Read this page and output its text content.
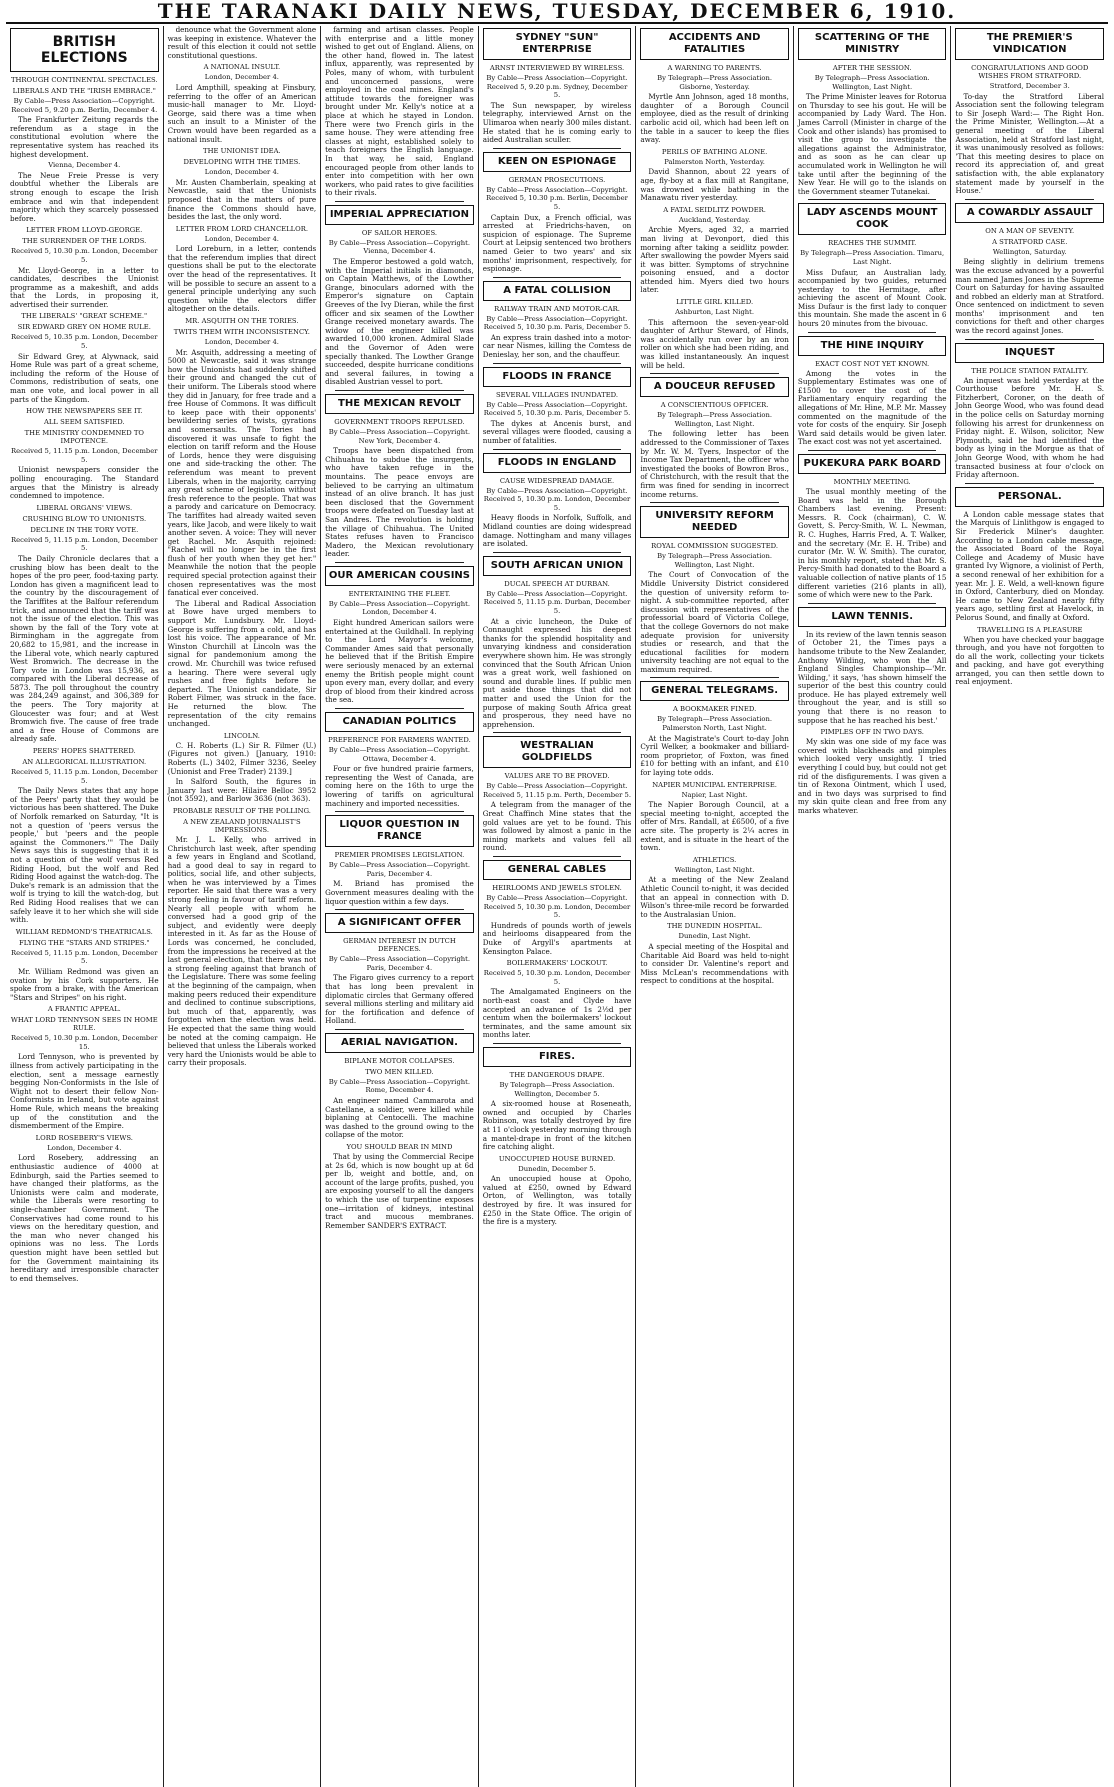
THE TARANAKI DAILY NEWS, TUESDAY, DECEMBER 6, 1910.
BRITISH ELECTIONS
THROUGH CONTINENTAL SPECTACLES.
LIBERALS AND THE "IRISH EMBRACE."
By Cable—Press Association—Copyright. Received 5, 9.20 p.m. Berlin, December 4.

The Frankfurter Zeitung regards the referendum as a stage in the constitutional evolution where the representative system has reached its highest development.

Vienna, December 4.

The Neue Freie Presse is very doubtful whether the Liberals are strong enough to escape the Irish embrace and win that independent majority which they scarcely possessed before.

LETTER FROM LLOYD-GEORGE.
THE SURRENDER OF THE LORDS.
Received 5, 10.30 p.m. London, December 5.

Mr. Lloyd-George, in a letter to candidates, describes the Unionist programme as a makeshift, and adds that the Lords, in proposing it, advertised their surrender.

THE LIBERALS' "GREAT SCHEME."
SIR EDWARD GREY ON HOME RULE.
Received 5, 10.35 p.m. London, December 5.

Sir Edward Grey, at Alywnack, said Home Rule was part of a great scheme, including the reform of the House of Commons, redistribution of seats, one man one vote, and local power in all parts of the Kingdom.

HOW THE NEWSPAPERS SEE IT.
ALL SEEM SATISFIED.
THE MINISTRY CONDEMNED TO IMPOTENCE.
Received 5, 11.15 p.m. London, December 5.

Unionist newspapers consider the polling encouraging. The Standard argues that the Ministry is already condemned to impotence.

LIBERAL ORGANS' VIEWS.
CRUSHING BLOW TO UNIONISTS.
DECLINE IN THE TORY VOTE.
Received 5, 11.15 p.m. London, December 5.

The Daily Chronicle declares that a crushing blow has been dealt to the hopes of the pro peer, food-taxing party. London has given a magnificent lead to the country by the discouragement of the Tariffites at the Balfour referendum trick, and announced that the tariff was not the issue of the election. This was shown by the fall of the Tory vote at Birmingham in the aggregate from 20,682 to 15,981, and the increase in the Liberal vote, which nearly captured West Bromwich. The decrease in the Tory vote in London was 15,936, as compared with the Liberal decrease of 5873. The poll throughout the country was 284,249 against, and 306,389 for the peers. The Tory majority at Gloucester was four; and at West Bromwich five. The cause of free trade and a free House of Commons are already safe.

PEERS' HOPES SHATTERED.
AN ALLEGORICAL ILLUSTRATION.
Received 5, 11.15 p.m. London, December 5.

The Daily News states that any hope of the Peers' party that they would be victorious has been shattered. The Duke of Norfolk remarked on Saturday, "It is not a question of 'peers versus the people,' but 'peers and the people against the Commoners.'" The Daily News says this is suggesting that it is not a question of the wolf versus Red Riding Hood, but the wolf and Red Riding Hood against the watch-dog. The Duke's remark is an admission that the wolf is trying to kill the watch-dog, but Red Riding Hood realises that we can safely leave it to her which she will side with.

WILLIAM REDMOND'S THEATRICALS.
FLYING THE "STARS AND STRIPES."
Received 5, 11.15 p.m. London, December 5.

Mr. William Redmond was given an ovation by his Cork supporters. He spoke from a brake, with the American "Stars and Stripes" on his right.

A FRANTIC APPEAL.
WHAT LORD TENNYSON SEES IN HOME RULE.
Received 5, 10.30 p.m. London, December 15.

Lord Tennyson, who is prevented by illness from actively participating in the election, sent a message earnestly begging Non-Conformists in the Isle of Wight not to desert their fellow Non-Conformists in Ireland, but vote against Home Rule, which means the breaking up of the constitution and the dismemberment of the Empire.

LORD ROSEBERY'S VIEWS.
London, December 4.

Lord Rosebery, addressing an enthusiastic audience of 4000 at Edinburgh, said the Parties seemed to have changed their platforms, as the Unionists were calm and moderate, while the Liberals were resorting to single-chamber Government. The Conservatives had come round to his views on the hereditary question, and the man who never changed his opinions was no less. The Lords question might have been settled but for the Government maintaining its hereditary and irresponsible character to end themselves.

denounce what the Government alone was keeping in existence. Whatever the result of this election it could not settle constitutional questions.

A NATIONAL INSULT.
London, December 4.

Lord Ampthill, speaking at Finsbury, referring to the offer of an American music-hall manager to Mr. Lloyd-George, said there was a time when such an insult to a Minister of the Crown would have been regarded as a national insult.

THE UNIONIST IDEA.
DEVELOPING WITH THE TIMES.
London, December 4.

Mr. Austen Chamberlain, speaking at Newcastle, said that the Unionists proposed that in the matters of pure finance the Commons should have, besides the last, the only word.

LETTER FROM LORD CHANCELLOR.
London, December 4.

Lord Loreburn, in a letter, contends that the referendum implies that direct questions shall be put to the electorate over the head of the representatives. It will be possible to secure an assent to a general principle underlying any such question while the electors differ altogether on the details.

MR. ASQUITH ON THE TORIES.
TWITS THEM WITH INCONSISTENCY.
London, December 4.

Mr. Asquith, addressing a meeting of 5000 at Newcastle, said it was strange how the Unionists had suddenly shifted their ground and changed the cut of their uniform. The Liberals stood where they did in January, for free trade and a free House of Commons. It was difficult to keep pace with their opponents' bewildering series of twists, gyrations and somersaults. The Tories had discovered it was unsafe to fight the election on tariff reform and the House of Lords, hence they were disguising one and side-tracking the other. The referendum was meant to prevent Liberals, when in the majority, carrying any great scheme of legislation without fresh reference to the people. That was a parody and caricature on Democracy. The tariffites had already waited seven years, like Jacob, and were likely to wait another seven. A voice: They will never get Rachel. Mr. Asquith rejoined: "Rachel will no longer be in the first flush of her youth when they get her." Meanwhile the notion that the people required special protection against their chosen representatives was the most fanatical ever conceived.

The Liberal and Radical Association at Bowe have urged members to support Mr. Lundsbury. Mr. Lloyd-George is suffering from a cold, and has lost his voice. The appearance of Mr. Winston Churchill at Lincoln was the signal for pandemonium among the crowd. Mr. Churchill was twice refused a hearing. There were several ugly rushes and free fights before he departed. The Unionist candidate, Sir Robert Filmer, was struck in the face. He returned the blow. The representation of the city remains unchanged.

LINCOLN.

C. H. Roberts (L.) Sir R. Filmer (U.) (Figures not given.) [January, 1910: Roberts (L.) 3402, Filmer 3236, Seeley (Unionist and Free Trader) 2139.]

In Salford South, the figures in January last were: Hilaire Belloc 3952 (not 3592), and Barlow 3636 (not 363).

PROBABLE RESULT OF THE POLLING.
A NEW ZEALAND JOURNALIST'S IMPRESSIONS.

Mr. J. L. Kelly, who arrived in Christchurch last week, after spending a few years in England and Scotland, had a good deal to say in regard to politics, social life, and other subjects, when he was interviewed by a Times reporter. He said that there was a very strong feeling in favour of tariff reform. Nearly all people with whom he conversed had a good grip of the subject, and evidently were deeply interested in it. As far as the House of Lords was concerned, he concluded, from the impressions he received at the last general election, that there was not a strong feeling against that branch of the Legislature. There was some feeling at the beginning of the campaign, when making peers reduced their expenditure and declined to continue subscriptions, but much of that, apparently, was forgotten when the election was held. He expected that the same thing would be noted at the coming campaign. He believed that unless the Liberals worked very hard the Unionists would be able to carry their proposals.

farming and artisan classes. People with enterprise and a little money wished to get out of England. Aliens, on the other hand, flowed in. The latest influx, apparently, was represented by Poles, many of whom, with turbulent and unconcerned passions, were employed in the coal mines. England's attitude towards the foreigner was brought under Mr. Kelly's notice at a place at which he stayed in London. There were two French girls in the same house. They were attending free classes at night, established solely to teach foreigners the English language. In that way, he said, England encouraged people from other lands to enter into competition with her own workers, who paid rates to give facilities to their rivals.

IMPERIAL APPRECIATION
OF SAILOR HEROES.
By Cable—Press Association—Copyright. Vienna, December 4.

The Emperor bestowed a gold watch, with the Imperial initials in diamonds, on Captain Matthews, of the Lowther Grange, binoculars adorned with the Emperor's signature on Captain Greeves of the Ivy Dieran, while the first officer and six seamen of the Lowther Grange received monetary awards. The widow of the engineer killed was awarded 10,000 kronen. Admiral Slade and the Governor of Aden were specially thanked. The Lowther Grange succeeded, despite hurricane conditions and several failures, in towing a disabled Austrian vessel to port.

THE MEXICAN REVOLT
GOVERNMENT TROOPS REPULSED.
By Cable—Press Association—Copyright. New York, December 4.

Troops have been dispatched from Chihuahua to subdue the insurgents, who have taken refuge in the mountains. The peace envoys are believed to be carrying an ultimatum instead of an olive branch. It has just been disclosed that the Government troops were defeated on Tuesday last at San Andres. The revolution is holding the village of Chihuahua. The United States refuses haven to Francisco Madero, the Mexican revolutionary leader.

OUR AMERICAN COUSINS
ENTERTAINING THE FLEET.
By Cable—Press Association—Copyright. London, December 4.

Eight hundred American sailors were entertained at the Guildhall. In replying to the Lord Mayor's welcome, Commander Ames said that personally he believed that if the British Empire were seriously menaced by an external enemy the British people might count upon every man, every dollar, and every drop of blood from their kindred across the sea.

CANADIAN POLITICS
PREFERENCE FOR FARMERS WANTED.
By Cable—Press Association—Copyright. Ottawa, December 4.

Four or five hundred prairie farmers, representing the West of Canada, are coming here on the 16th to urge the lowering of tariffs on agricultural machinery and imported necessities.

LIQUOR QUESTION IN FRANCE
PREMIER PROMISES LEGISLATION.
By Cable—Press Association—Copyright. Paris, December 4.

M. Briand has promised the Government measures dealing with the liquor question within a few days.

A SIGNIFICANT OFFER
GERMAN INTEREST IN DUTCH DEFENCES.
By Cable—Press Association—Copyright. Paris, December 4.

The Figaro gives currency to a report that has long been prevalent in diplomatic circles that Germany offered several millions sterling and military aid for the fortification and defence of Holland.

AERIAL NAVIGATION.
BIPLANE MOTOR COLLAPSES.
TWO MEN KILLED.
By Cable—Press Association—Copyright. Rome, December 4.

An engineer named Cammarota and Castellane, a soldier, were killed while biplaning at Centocelli. The machine was dashed to the ground owing to the collapse of the motor.

YOU SHOULD BEAR IN MIND

That by using the Commercial Recipe at 2s 6d, which is now bought up at 6d per lb, weight and bottle, and, on account of the large profits, pushed, you are exposing yourself to all the dangers to which the use of turpentine exposes one—irritation of kidneys, intestinal tract and mucous membranes. Remember SANDER'S EXTRACT.

SYDNEY "SUN" ENTERPRISE
ARNST INTERVIEWED BY WIRELESS.
By Cable—Press Association—Copyright. Received 5, 9.20 p.m. Sydney, December 5.

The Sun newspaper, by wireless telegraphy, interviewed Arnst on the Ulimaroa when nearly 300 miles distant. He stated that he is coming early to aided Australian sculler.

KEEN ON ESPIONAGE
GERMAN PROSECUTIONS.
By Cable—Press Association—Copyright. Received 5, 10.30 p.m. Berlin, December 5.

Captain Dux, a French official, was arrested at Friedrichs-haven, on suspicion of espionage. The Supreme Court at Leipsig sentenced two brothers named Geier to two years' and six months' imprisonment, respectively, for espionage.

A FATAL COLLISION
RAILWAY TRAIN AND MOTOR-CAR.
By Cable—Press Association—Copyright. Received 5, 10.30 p.m. Paris, December 5.

An express train dashed into a motor-car near Nismes, killing the Comtess de Denieslay, her son, and the chauffeur.

FLOODS IN FRANCE
SEVERAL VILLAGES INUNDATED.
By Cable—Press Association—Copyright. Received 5, 10.30 p.m. Paris, December 5.

The dykes at Ancenis burst, and several villages were flooded, causing a number of fatalities.

FLOODS IN ENGLAND
CAUSE WIDESPREAD DAMAGE.
By Cable—Press Association—Copyright. Received 5, 10.30 p.m. London, December 5.

Heavy floods in Norfolk, Suffolk, and Midland counties are doing widespread damage. Nottingham and many villages are isolated.

SOUTH AFRICAN UNION
DUCAL SPEECH AT DURBAN.
By Cable—Press Association—Copyright. Received 5, 11.15 p.m. Durban, December 5.

At a civic luncheon, the Duke of Connaught expressed his deepest thanks for the splendid hospitality and unvarying kindness and consideration everywhere shown him. He was strongly convinced that the South African Union was a great work, well fashioned on sound and durable lines. If public men put aside those things that did not matter and used the Union for the purpose of making South Africa great and prosperous, they need have no apprehension.

WESTRALIAN GOLDFIELDS
VALUES ARE TO BE PROVED.
By Cable—Press Association—Copyright. Received 5, 11.15 p.m. Perth, December 5.

A telegram from the manager of the Great Chaffinch Mine states that the gold values are yet to be found. This was followed by almost a panic in the mining markets and values fell all round.

GENERAL CABLES
HEIRLOOMS AND JEWELS STOLEN.
By Cable—Press Association—Copyright. Received 5, 10.30 p.m. London, December 5.

Hundreds of pounds worth of jewels and heirlooms disappeared from the Duke of Argyll's apartments at Kensington Palace.

BOILERMAKERS' LOCKOUT.
Received 5, 10.30 p.m. London, December 5.

The Amalgamated Engineers on the north-east coast and Clyde have accepted an advance of 1s 2½d per centum when the boilermakers' lockout terminates, and the same amount six months later.

FIRES.
THE DANGEROUS DRAPE.
By Telegraph—Press Association. Wellington, December 5.

A six-roomed house at Roseneath, owned and occupied by Charles Robinson, was totally destroyed by fire at 11 o'clock yesterday morning through a mantel-drape in front of the kitchen fire catching alight.

UNOCCUPIED HOUSE BURNED.
Dunedin, December 5.

An unoccupied house at Opoho, valued at £250, owned by Edward Orton, of Wellington, was totally destroyed by fire. It was insured for £250 in the State Office. The origin of the fire is a mystery.

ACCIDENTS AND FATALITIES
A WARNING TO PARENTS.
By Telegraph—Press Association. Gisborne, Yesterday.

Myrtle Ann Johnson, aged 18 months, daughter of a Borough Council employee, died as the result of drinking carbolic acid oil, which had been left on the table in a saucer to keep the flies away.

PERILS OF BATHING ALONE.
Palmerston North, Yesterday.

David Shannon, about 22 years of age, fly-boy at a flax mill at Rangitane, was drowned while bathing in the Manawatu river yesterday.

A FATAL SEIDLITZ POWDER.
Auckland, Yesterday.

Archie Myers, aged 32, a married man living at Devonport, died this morning after taking a seidlitz powder. After swallowing the powder Myers said it was bitter. Symptoms of strychnine poisoning ensued, and a doctor attended him. Myers died two hours later.

LITTLE GIRL KILLED.
Ashburton, Last Night.

This afternoon the seven-year-old daughter of Arthur Steward, of Hinds, was accidentally run over by an iron roller on which she had been riding, and was killed instantaneously. An inquest will be held.

A DOUCEUR REFUSED
A CONSCIENTIOUS OFFICER.
By Telegraph—Press Association. Wellington, Last Night.

The following letter has been addressed to the Commissioner of Taxes by Mr. W. M. Tyers, Inspector of the Income Tax Department, the officer who investigated the books of Bowron Bros., of Christchurch, with the result that the firm was fined for sending in incorrect income returns.

UNIVERSITY REFORM NEEDED
ROYAL COMMISSION SUGGESTED.
By Telegraph—Press Association. Wellington, Last Night.

The Court of Convocation of the Middle University District considered the question of university reform to-night. A sub-committee reported, after discussion with representatives of the professorial board of Victoria College, that the college Governors do not make adequate provision for university studies or research, and that the educational facilities for modern university teaching are not equal to the maximum required.

GENERAL TELEGRAMS.
A BOOKMAKER FINED.
By Telegraph—Press Association. Palmerston North, Last Night.

At the Magistrate's Court to-day John Cyril Welker, a bookmaker and billiard-room proprietor, of Foxton, was fined £10 for betting with an infant, and £10 for laying tote odds.

NAPIER MUNICIPAL ENTERPRISE.
Napier, Last Night.

The Napier Borough Council, at a special meeting to-night, accepted the offer of Mrs. Randall, at £6500, of a five acre site. The property is 2¼ acres in extent, and is situate in the heart of the town.

ATHLETICS.
Wellington, Last Night.

At a meeting of the New Zealand Athletic Council to-night, it was decided that an appeal in connection with D. Wilson's three-mile record be forwarded to the Australasian Union.

THE DUNEDIN HOSPITAL.
Dunedin, Last Night.

A special meeting of the Hospital and Charitable Aid Board was held to-night to consider Dr. Valentine's report and Miss McLean's recommendations with respect to conditions at the hospital.

SCATTERING OF THE MINISTRY
AFTER THE SESSION.
By Telegraph—Press Association. Wellington, Last Night.

The Prime Minister leaves for Rotorua on Thursday to see his gout. He will be accompanied by Lady Ward. The Hon. James Carroll (Minister in charge of the Cook and other islands) has promised to visit the group to investigate the allegations against the Administrator, and as soon as he can clear up accumulated work in Wellington he will take until after the beginning of the New Year. He will go to the islands on the Government steamer Tutanekai.

LADY ASCENDS MOUNT COOK
REACHES THE SUMMIT.
By Telegraph—Press Association. Timaru, Last Night.

Miss Dufaur, an Australian lady, accompanied by two guides, returned yesterday to the Hermitage, after achieving the ascent of Mount Cook. Miss Dufaur is the first lady to conquer this mountain. She made the ascent in 6 hours 20 minutes from the bivouac.

THE HINE INQUIRY
EXACT COST NOT YET KNOWN.

Among the votes in the Supplementary Estimates was one of £1500 to cover the cost of the Parliamentary enquiry regarding the allegations of Mr. Hine, M.P. Mr. Massey commented on the magnitude of the vote for costs of the enquiry. Sir Joseph Ward said details would be given later. The exact cost was not yet ascertained.

PUKEKURA PARK BOARD
MONTHLY MEETING.

The usual monthly meeting of the Board was held in the Borough Chambers last evening. Present: Messrs. R. Cock (chairman), C. W. Govett, S. Percy-Smith, W. L. Newman, R. C. Hughes, Harris Fred, A. T. Walker, and the secretary (Mr. E. H. Tribe) and curator (Mr. W. W. Smith). The curator, in his monthly report, stated that Mr. S. Percy-Smith had donated to the Board a valuable collection of native plants of 15 different varieties (216 plants in all), some of which were new to the Park.

LAWN TENNIS.

In its review of the lawn tennis season of October 21, the Times pays a handsome tribute to the New Zealander, Anthony Wilding, who won the All England Singles Championship—'Mr. Wilding,' it says, 'has shown himself the superior of the best this country could produce. He has played extremely well throughout the year, and is still so young that there is no reason to suppose that he has reached his best.'

PIMPLES OFF IN TWO DAYS.

My skin was one side of my face was covered with blackheads and pimples which looked very unsightly. I tried everything I could buy, but could not get rid of the disfigurements. I was given a tin of Rexona Ointment, which I used, and in two days was surprised to find my skin quite clean and free from any marks whatever.

THE PREMIER'S VINDICATION
CONGRATULATIONS AND GOOD WISHES FROM STRATFORD.
Stratford, December 3.

To-day the Stratford Liberal Association sent the following telegram to Sir Joseph Ward:— The Right Hon. the Prime Minister, Wellington.—At a general meeting of the Liberal Association, held at Stratford last night, it was unanimously resolved as follows: 'That this meeting desires to place on record its appreciation of, and great satisfaction with, the able explanatory statement made by yourself in the House.'

A COWARDLY ASSAULT
ON A MAN OF SEVENTY.
A STRATFORD CASE.
Wellington, Saturday.

Being slightly in delirium tremens was the excuse advanced by a powerful man named James Jones in the Supreme Court on Saturday for having assaulted and robbed an elderly man at Stratford. Once sentenced on indictment to seven months' imprisonment and ten convictions for theft and other charges was the record against Jones.

INQUEST
THE POLICE STATION FATALITY.

An inquest was held yesterday at the Courthouse before Mr. H. S. Fitzherbert, Coroner, on the death of John George Wood, who was found dead in the police cells on Saturday morning following his arrest for drunkenness on Friday night. E. Wilson, solicitor, New Plymouth, said he had identified the body as lying in the Morgue as that of John George Wood, with whom he had transacted business at four o'clock on Friday afternoon.

PERSONAL.

A London cable message states that the Marquis of Linlithgow is engaged to Sir Frederick Milner's daughter. According to a London cable message, the Associated Board of the Royal College and Academy of Music have granted Ivy Wignore, a violinist of Perth, a second renewal of her exhibition for a year. Mr. J. E. Weld, a well-known figure in Oxford, Canterbury, died on Monday. He came to New Zealand nearly fifty years ago, settling first at Havelock, in Pelorus Sound, and finally at Oxford.

TRAVELLING IS A PLEASURE

When you have checked your baggage through, and you have not forgotten to do all the work, collecting your tickets and packing, and have got everything arranged, you can then settle down to real enjoyment.
